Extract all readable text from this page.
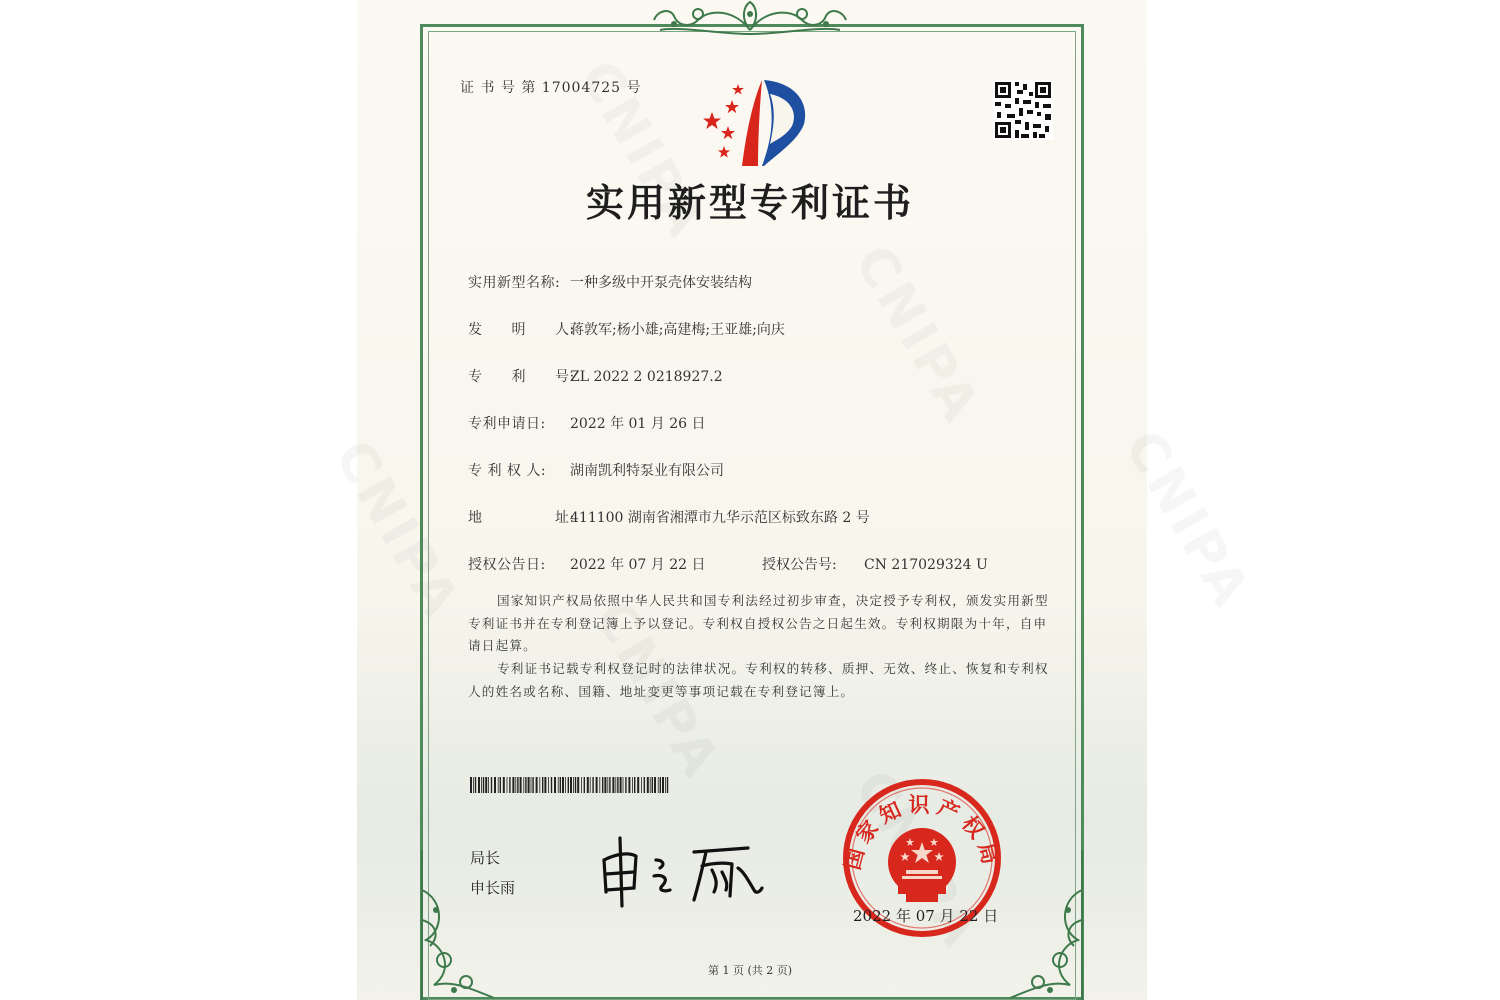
证 书 号 第 17004725 号
实用新型专利证书
实用新型名称: 一种多级中开泵壳体安装结构
发　　明　　人:蒋敦军;杨小雄;高建梅;王亚雄;向庆
专　　利　　号:ZL 2022 2 0218927.2
专利申请日: 2022 年 01 月 26 日
专 利 权 人: 湖南凯利特泵业有限公司
地　　　　　址:411100 湖南省湘潭市九华示范区标致东路 2 号
授权公告日: 2022 年 07 月 22 日	授权公告号: CN 217029324 U
国家知识产权局依照中华人民共和国专利法经过初步审查，决定授予专利权，颁发实用新型专利证书并在专利登记簿上予以登记。专利权自授权公告之日起生效。专利权期限为十年，自申请日起算。
专利证书记载专利权登记时的法律状况。专利权的转移、质押、无效、终止、恢复和专利权人的姓名或名称、国籍、地址变更等事项记载在专利登记簿上。
局长
申长雨
国家知识产权局
2022 年 07 月 22 日
第 1 页 (共 2 页)
